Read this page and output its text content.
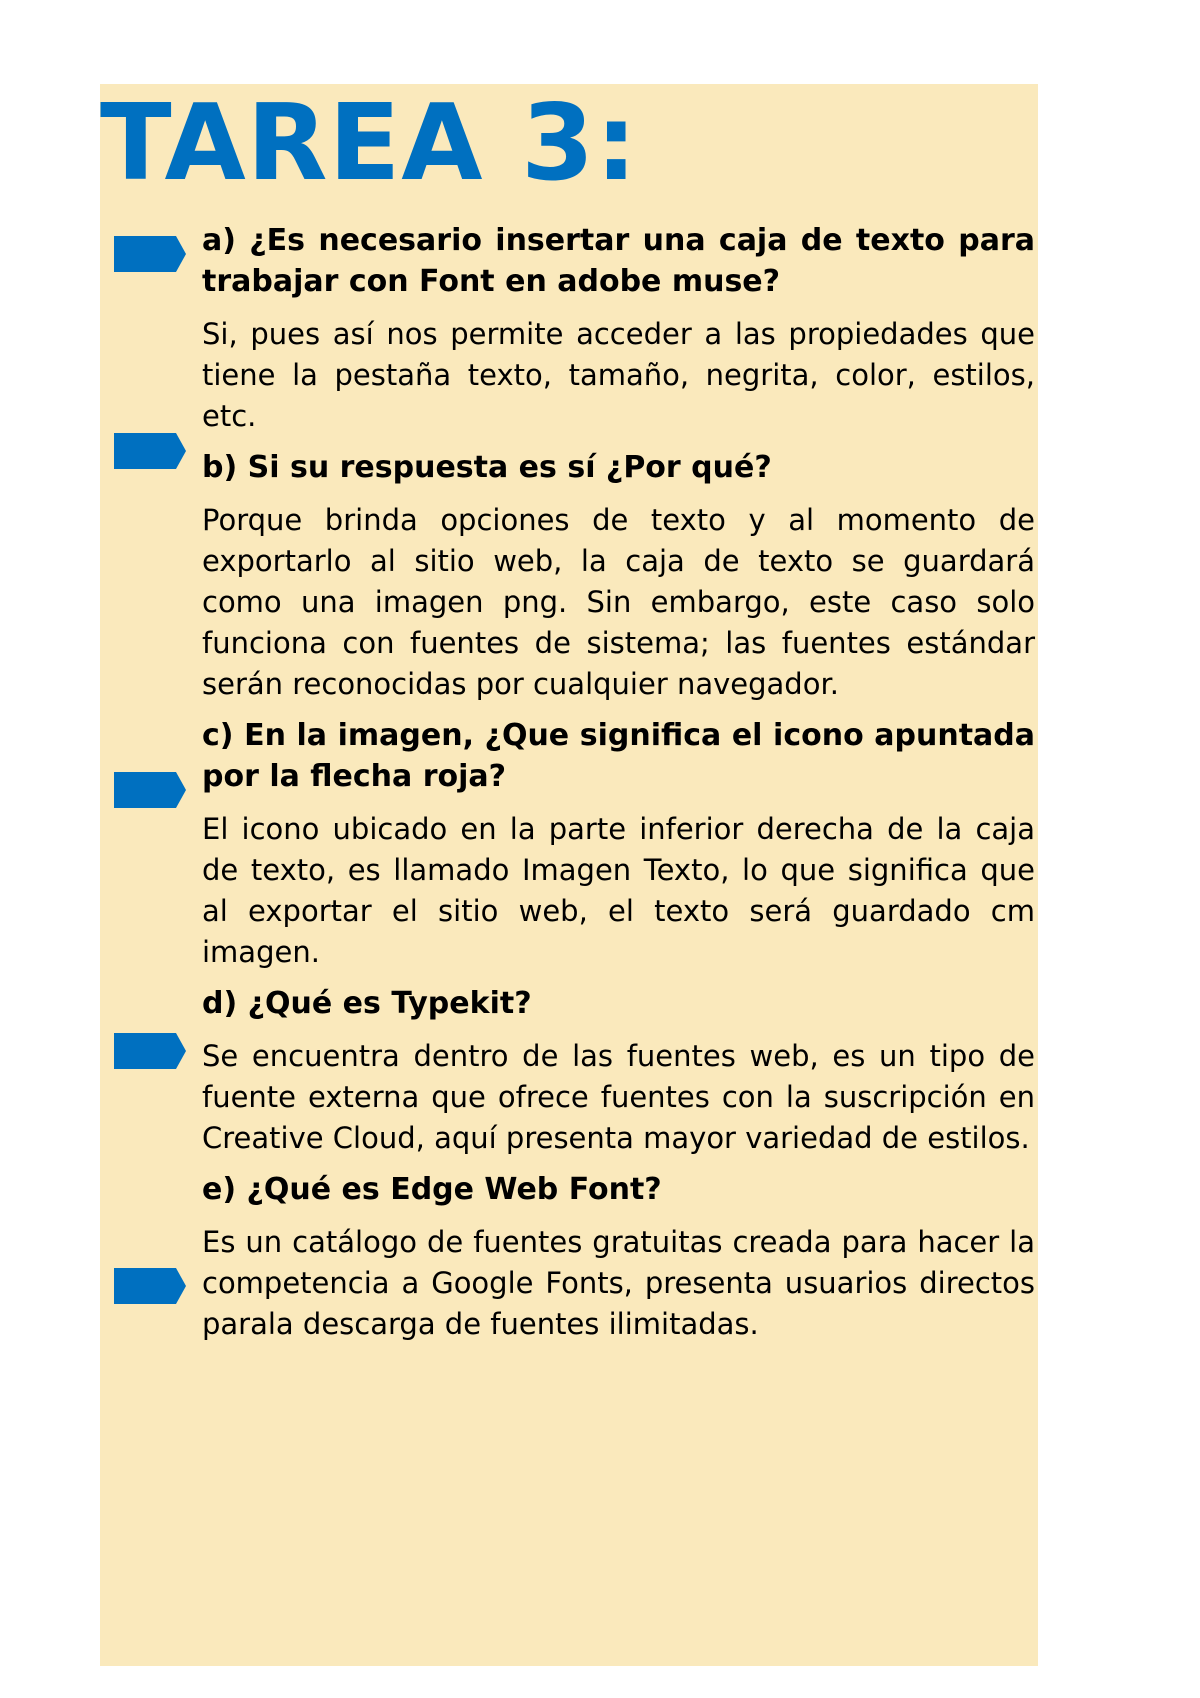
TAREA 3:

a) ¿Es necesario insertar una caja de texto para trabajar con Font en adobe muse?

Si, pues así nos permite acceder a las propiedades que tiene la pestaña texto, tamaño, negrita, color, estilos, etc.

b) Si su respuesta es sí ¿Por qué?

Porque brinda opciones de texto y al momento de exportarlo al sitio web, la caja de texto se guardará como una imagen png. Sin embargo, este caso solo funciona con fuentes de sistema; las fuentes estándar serán reconocidas por cualquier navegador.

c) En la imagen, ¿Que significa el icono apuntada por la flecha roja?

El icono ubicado en la parte inferior derecha de la caja de texto, es llamado Imagen Texto, lo que significa que al exportar el sitio web, el texto será guardado cm imagen.

d) ¿Qué es Typekit?

Se encuentra dentro de las fuentes web, es un tipo de fuente externa que ofrece fuentes con la suscripción en Creative Cloud, aquí presenta mayor variedad de estilos.

e) ¿Qué es Edge Web Font?

Es un catálogo de fuentes gratuitas creada para hacer la competencia a Google Fonts, presenta usuarios directos parala descarga de fuentes ilimitadas.
